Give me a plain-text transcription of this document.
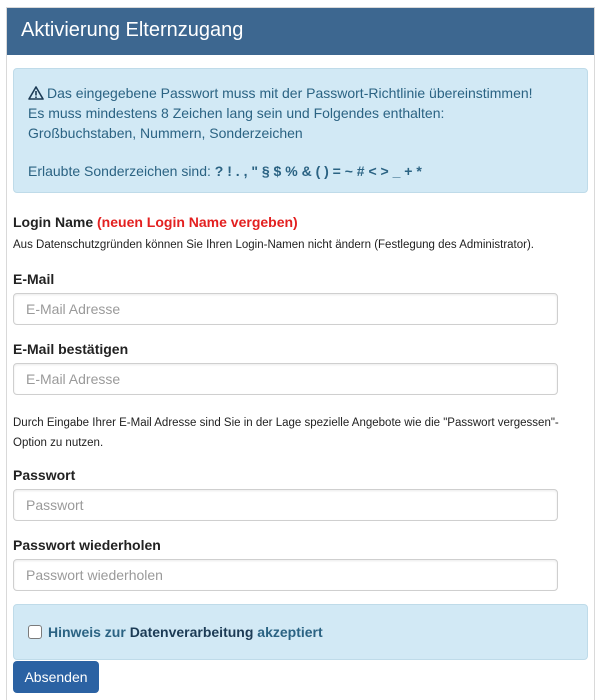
Aktivierung Elternzugang
Das eingegebene Passwort muss mit der Passwort-Richtlinie übereinstimmen!
Es muss mindestens 8 Zeichen lang sein und Folgendes enthalten:
Großbuchstaben, Nummern, Sonderzeichen
Erlaubte Sonderzeichen sind: ? ! . , " § $ % & ( ) = ~ # < > _ + *
Login Name (neuen Login Name vergeben)
Aus Datenschutzgründen können Sie Ihren Login-Namen nicht ändern (Festlegung des Administrator).
E-Mail
E-Mail Adresse
E-Mail bestätigen
E-Mail Adresse
Durch Eingabe Ihrer E-Mail Adresse sind Sie in der Lage spezielle Angebote wie die "Passwort vergessen"-Option zu nutzen.
Passwort
Passwort wiederholen
Hinweis zur Datenverarbeitung akzeptiert
Absenden
